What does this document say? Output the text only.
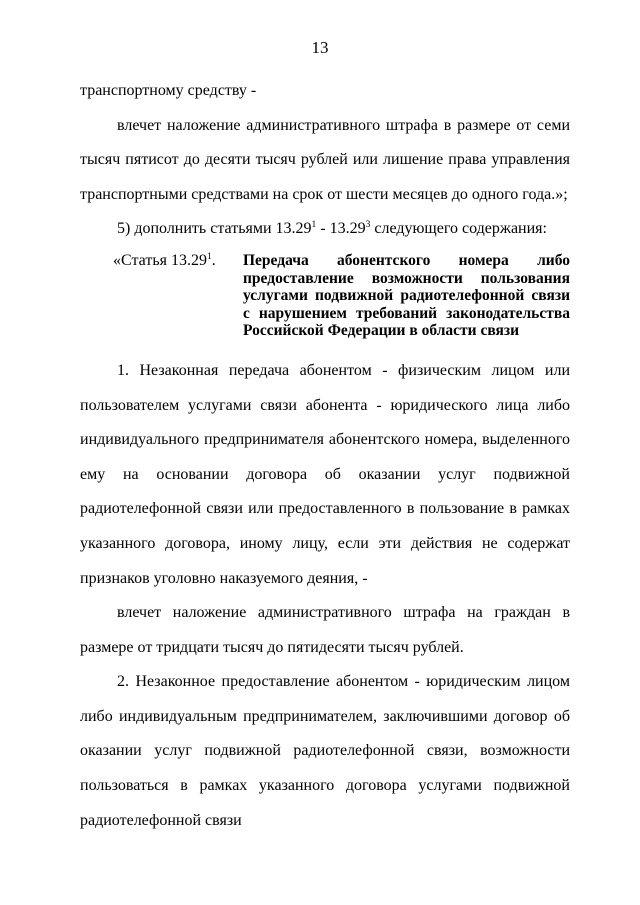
13

транспортному средству -

влечет наложение административного штрафа в размере от семи тысяч пятисот до десяти тысяч рублей или лишение права управления транспортными средствами на срок от шести месяцев до одного года.»;

5) дополнить статьями 13.29$^1$ - 13.29$^3$ следующего содержания:

«Статья 13.29$^1$.	Передача абонентского номера либо предоставление возможности пользования услугами подвижной радиотелефонной связи с нарушением требований законодательства Российской Федерации в области связи

1. Незаконная передача абонентом - физическим лицом или пользователем услугами связи абонента - юридического лица либо индивидуального предпринимателя абонентского номера, выделенного ему на основании договора об оказании услуг подвижной радиотелефонной связи или предоставленного в пользование в рамках указанного договора, иному лицу, если эти действия не содержат признаков уголовно наказуемого деяния, -

влечет наложение административного штрафа на граждан в размере от тридцати тысяч до пятидесяти тысяч рублей.

2. Незаконное предоставление абонентом - юридическим лицом либо индивидуальным предпринимателем, заключившими договор об оказании услуг подвижной радиотелефонной связи, возможности пользоваться в рамках указанного договора услугами подвижной радиотелефонной связи
